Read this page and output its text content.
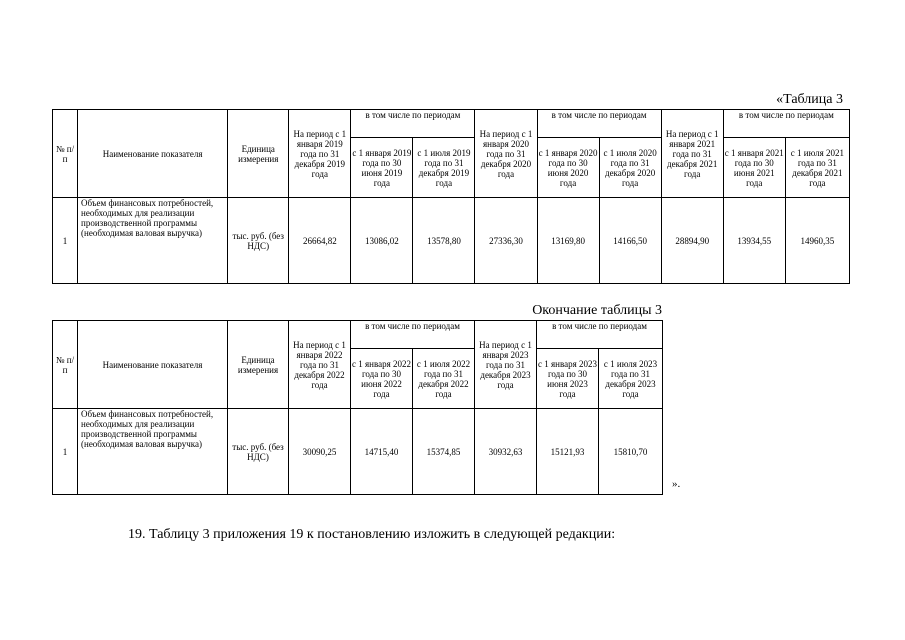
«Таблица 3
№ п/п	Наименование показателя	Единица измерения	На период с 1 января 2019 года по 31 декабря 2019 года	в том числе по периодам		На период с 1 января 2020 года по 31 декабря 2020 года	в том числе по периодам		На период с 1 января 2021 года по 31 декабря 2021 года	в том числе по периодам	
				с 1 января 2019 года по 30 июня 2019 года	с 1 июля 2019 года по 31 декабря 2019 года		с 1 января 2020 года по 30 июня 2020 года	с 1 июля 2020 года по 31 декабря 2020 года		с 1 января 2021 года по 30 июня 2021 года	с 1 июля 2021 года по 31 декабря 2021 года
1	Объем финансовых потребностей, необходимых для реализации производственной программы (необходимая валовая выручка)	тыс. руб. (без НДС)	26664,82	13086,02	13578,80	27336,30	13169,80	14166,50	28894,90	13934,55	14960,35
Окончание таблицы 3
№ п/п	Наименование показателя	Единица измерения	На период с 1 января 2022 года по 31 декабря 2022 года	в том числе по периодам		На период с 1 января 2023 года по 31 декабря 2023 года	в том числе по периодам	
				с 1 января 2022 года по 30 июня 2022 года	с 1 июля 2022 года по 31 декабря 2022 года		с 1 января 2023 года по 30 июня 2023 года	с 1 июля 2023 года по 31 декабря 2023 года
1	Объем финансовых потребностей, необходимых для реализации производственной программы (необходимая валовая выручка)	тыс. руб. (без НДС)	30090,25	14715,40	15374,85	30932,63	15121,93	15810,70
».
19. Таблицу 3 приложения 19 к постановлению изложить в следующей редакции:
